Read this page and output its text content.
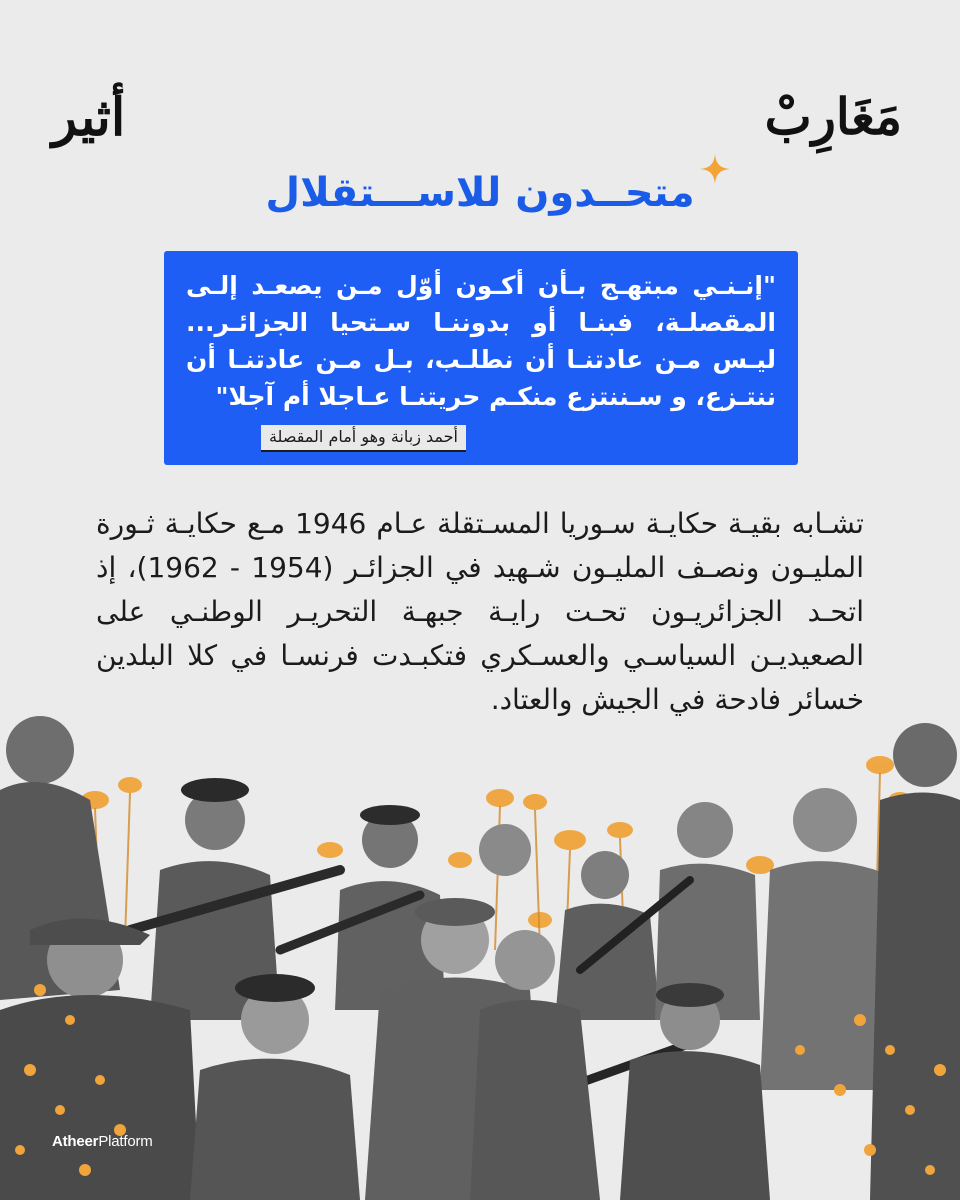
أثير	مَغَارِبْ
متحــدون للاســـتقلال
"إنـنـي مبتهـج بـأن أكـون أوّل مـن يصعـد إلـى المقصلـة، فبنـا أو بدوننـا سـتحيا الجزائـر... ليـس مـن عادتنـا أن نطلـب، بـل مـن عادتنـا أن ننتـزع، و سـننتزع منكـم حريتنـا عـاجلا أم آجلا"
أحمد زبانة وهو أمام المقصلة
تشـابه بقيـة حكايـة سـوريا المسـتقلة عـام 1946 مـع حكايـة ثـورة المليـون ونصـف المليـون شـهيد في الجزائـر (1954 - 1962)، إذ اتحـد الجزائريـون تحـت رايـة جبهـة التحريـر الوطنـي على الصعيديـن السياسـي والعسـكري فتكبـدت فرنسـا في كلا البلدين خسائر فادحة في الجيش والعتاد.
AtheerPlatform
